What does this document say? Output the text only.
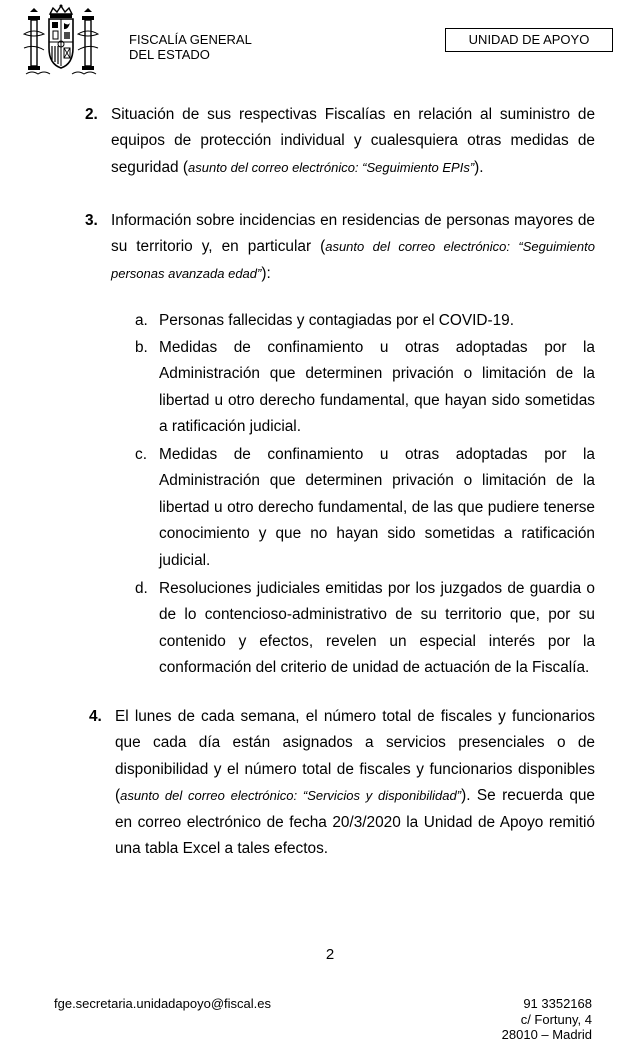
FISCALÍA GENERAL
DEL ESTADO
UNIDAD DE APOYO
2. Situación de sus respectivas Fiscalías en relación al suministro de equipos de protección individual y cualesquiera otras medidas de seguridad (asunto del correo electrónico: “Seguimiento EPIs”).
3. Información sobre incidencias en residencias de personas mayores de su territorio y, en particular (asunto del correo electrónico: “Seguimiento personas avanzada edad”):
a. Personas fallecidas y contagiadas por el COVID-19.
b. Medidas de confinamiento u otras adoptadas por la Administración que determinen privación o limitación de la libertad u otro derecho fundamental, que hayan sido sometidas a ratificación judicial.
c. Medidas de confinamiento u otras adoptadas por la Administración que determinen privación o limitación de la libertad u otro derecho fundamental, de las que pudiere tenerse conocimiento y que no hayan sido sometidas a ratificación judicial.
d. Resoluciones judiciales emitidas por los juzgados de guardia o de lo contencioso-administrativo de su territorio que, por su contenido y efectos, revelen un especial interés por la conformación del criterio de unidad de actuación de la Fiscalía.
4. El lunes de cada semana, el número total de fiscales y funcionarios que cada día están asignados a servicios presenciales o de disponibilidad y el número total de fiscales y funcionarios disponibles (asunto del correo electrónico: “Servicios y disponibilidad”). Se recuerda que en correo electrónico de fecha 20/3/2020 la Unidad de Apoyo remitió una tabla Excel a tales efectos.
2
fge.secretaria.unidadapoyo@fiscal.es	91 3352168
c/ Fortuny, 4
28010 – Madrid
